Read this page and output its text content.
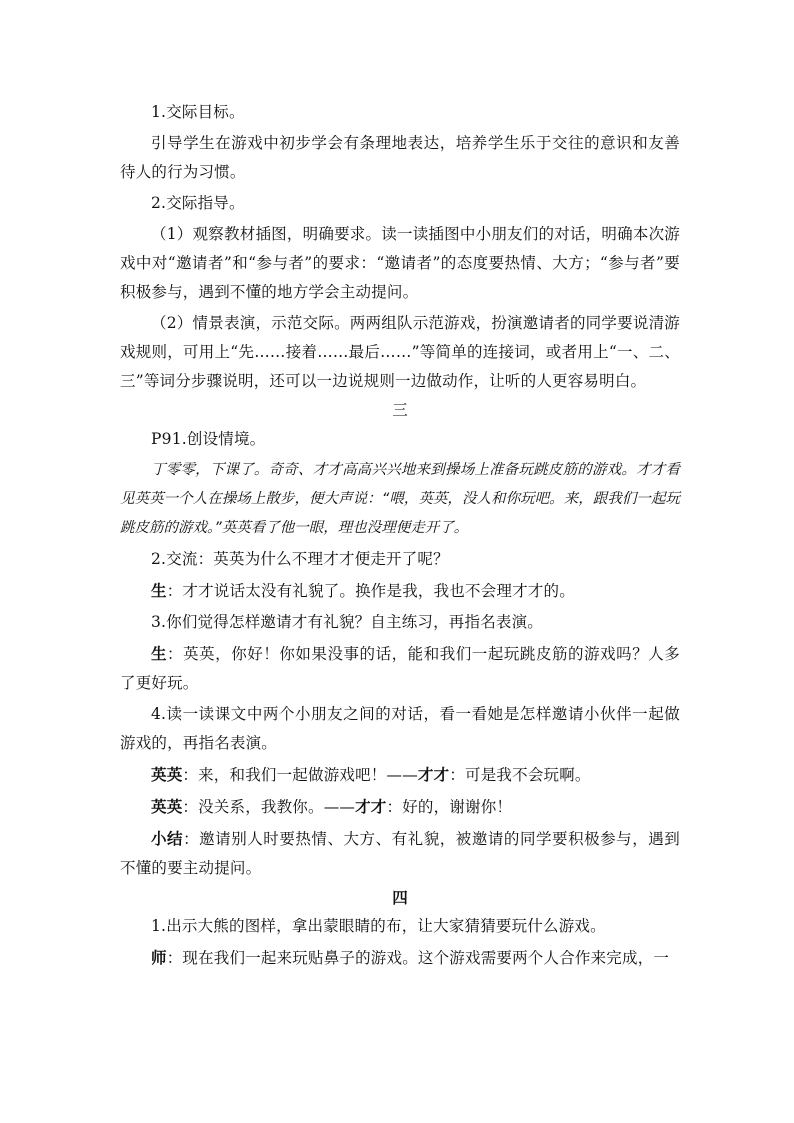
1.交际目标。

引导学生在游戏中初步学会有条理地表达，培养学生乐于交往的意识和友善待人的行为习惯。

2.交际指导。

（1）观察教材插图，明确要求。读一读插图中小朋友们的对话，明确本次游戏中对“邀请者”和“参与者”的要求：“邀请者”的态度要热情、大方；“参与者”要积极参与，遇到不懂的地方学会主动提问。

（2）情景表演，示范交际。两两组队示范游戏，扮演邀请者的同学要说清游戏规则，可用上“先……接着……最后……”等简单的连接词，或者用上“一、二、三”等词分步骤说明，还可以一边说规则一边做动作，让听的人更容易明白。

三

P91.创设情境。

丁零零，下课了。奇奇、才才高高兴兴地来到操场上准备玩跳皮筋的游戏。才才看见英英一个人在操场上散步，便大声说：“喂，英英，没人和你玩吧。来，跟我们一起玩跳皮筋的游戏。”英英看了他一眼，理也没理便走开了。

2.交流：英英为什么不理才才便走开了呢？

生：才才说话太没有礼貌了。换作是我，我也不会理才才的。

3.你们觉得怎样邀请才有礼貌？自主练习，再指名表演。

生：英英，你好！你如果没事的话，能和我们一起玩跳皮筋的游戏吗？人多了更好玩。

4.读一读课文中两个小朋友之间的对话，看一看她是怎样邀请小伙伴一起做游戏的，再指名表演。

英英：来，和我们一起做游戏吧！——才才：可是我不会玩啊。

英英：没关系，我教你。——才才：好的，谢谢你！

小结：邀请别人时要热情、大方、有礼貌，被邀请的同学要积极参与，遇到不懂的要主动提问。

四

1.出示大熊的图样，拿出蒙眼睛的布，让大家猜猜要玩什么游戏。

师：现在我们一起来玩贴鼻子的游戏。这个游戏需要两个人合作来完成，一
